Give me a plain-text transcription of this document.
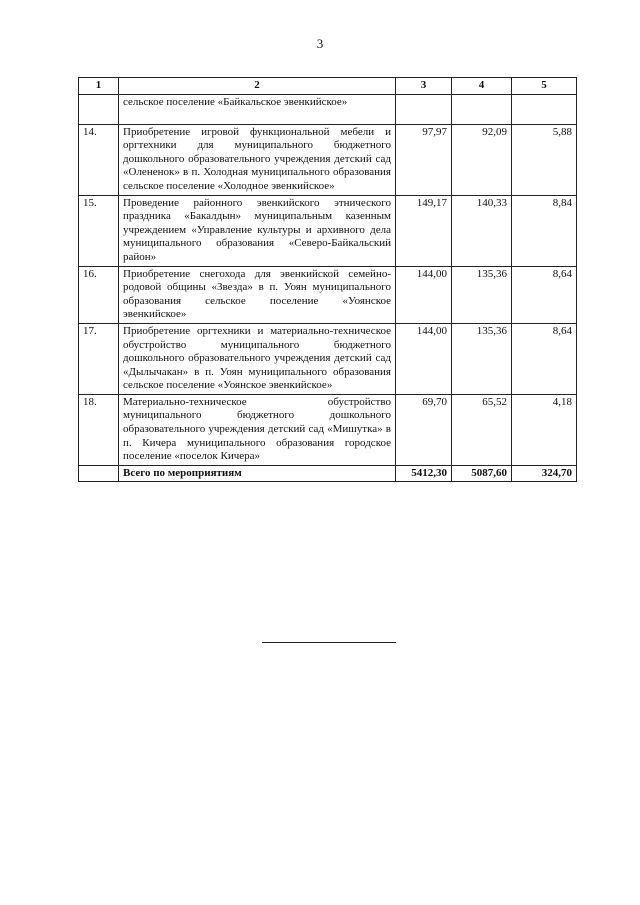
3
1	2	3	4	5
	сельское поселение «Байкальское эвенкийское»			
14.	Приобретение игровой функциональной мебели и оргтехники для муниципального бюджетного дошкольного образовательного учреждения детский сад «Олененок» в п. Холодная муниципального образования сельское поселение «Холодное эвенкийское»	97,97	92,09	5,88
15.	Проведение районного эвенкийского этнического праздника «Бакалдын» муниципальным казенным учреждением «Управление культуры и архивного дела муниципального образования «Северо-Байкальский район»	149,17	140,33	8,84
16.	Приобретение снегохода для эвенкийской семейно-родовой общины «Звезда» в п. Уоян муниципального образования сельское поселение «Уоянское эвенкийское»	144,00	135,36	8,64
17.	Приобретение оргтехники и материально-техническое обустройство муниципального бюджетного дошкольного образовательного учреждения детский сад «Дылычакан» в п. Уоян муниципального образования сельское поселение «Уоянское эвенкийское»	144,00	135,36	8,64
18.	Материально-техническое обустройство муниципального бюджетного дошкольного образовательного учреждения детский сад «Мишутка» в п. Кичера муниципального образования городское поселение «поселок Кичера»	69,70	65,52	4,18
	Всего по мероприятиям	5412,30	5087,60	324,70
